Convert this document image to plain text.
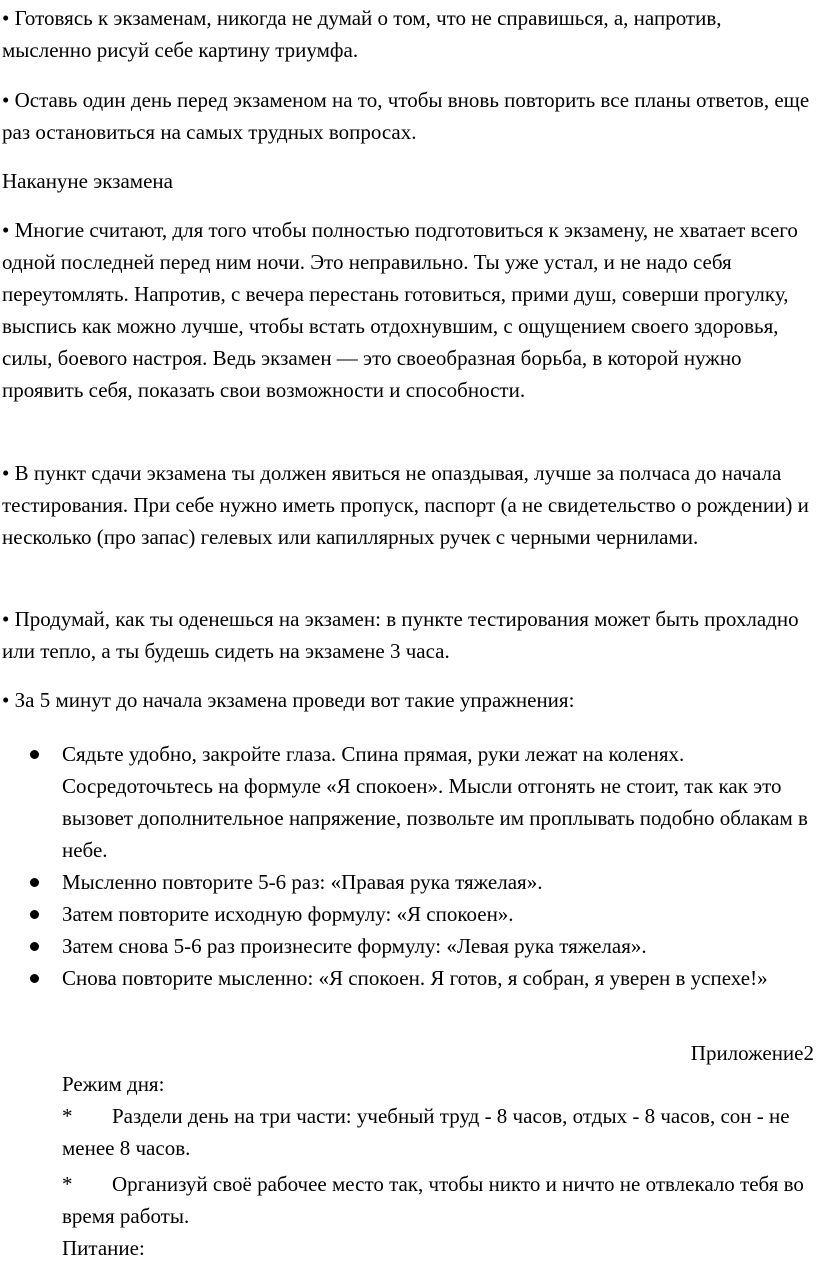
• Готовясь к экзаменам, никогда не думай о том, что не справишься, а, напротив, мысленно рисуй себе картину триумфа.

• Оставь один день перед экзаменом на то, чтобы вновь повторить все планы ответов, еще раз остановиться на самых трудных вопросах.

Накануне экзамена

• Многие считают, для того чтобы полностью подготовиться к экзамену, не хватает всего одной последней перед ним ночи. Это неправильно. Ты уже устал, и не надо себя переутомлять. Напротив, с вечера перестань готовиться, прими душ, соверши прогулку, выспись как можно лучше, чтобы встать отдохнувшим, с ощущением своего здоровья, силы, боевого настроя. Ведь экзамен — это своеобразная борьба, в которой нужно проявить себя, показать свои возможности и способности.

• В пункт сдачи экзамена ты должен явиться не опаздывая, лучше за полчаса до начала тестирования. При себе нужно иметь пропуск, паспорт (а не свидетельство о рождении) и несколько (про запас) гелевых или капиллярных ручек с черными чернилами.

• Продумай, как ты оденешься на экзамен: в пункте тестирования может быть прохладно или тепло, а ты будешь сидеть на экзамене 3 часа.

• За 5 минут до начала экзамена проведи вот такие упражнения:

Сядьте удобно, закройте глаза. Спина прямая, руки лежат на коленях. Сосредоточьтесь на формуле «Я спокоен». Мысли отгонять не стоит, так как это вызовет дополнительное напряжение, позвольте им проплывать подобно облакам в небе.
Мысленно повторите 5-6 раз: «Правая рука тяжелая».
Затем повторите исходную формулу: «Я спокоен».
Затем снова 5-6 раз произнесите формулу: «Левая рука тяжелая».
Снова повторите мысленно: «Я спокоен. Я готов, я собран, я уверен в успехе!»

Приложение2

Режим дня:

* Раздели день на три части: учебный труд - 8 часов, отдых - 8 часов, сон - не менее 8 часов.

* Организуй своё рабочее место так, чтобы никто и ничто не отвлекало тебя во время работы.

Питание:
